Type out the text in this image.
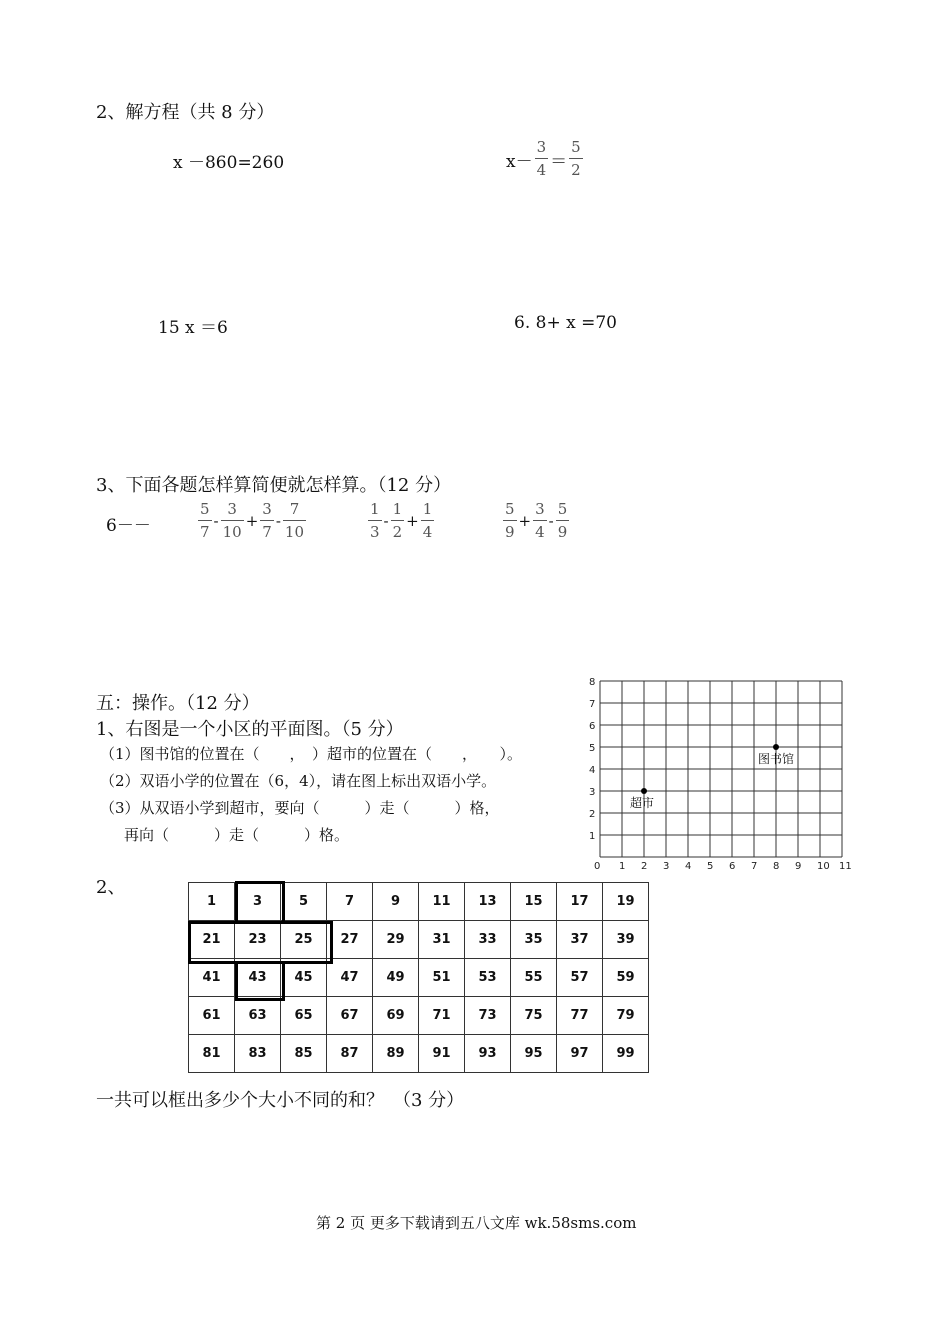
2、解方程（共 8 分）
x －860=260	$x- \frac{3}{4} = \frac{5}{2}$
15 x ＝6	6. 8+ x =70
3、下面各题怎样算简便就怎样算。（12 分）
6－－	$\frac{5}{7} - \frac{3}{10} + \frac{3}{7} - \frac{7}{10}$	$\frac{1}{3} - \frac{1}{2} + \frac{1}{4}$	$\frac{5}{9} + \frac{3}{4} - \frac{5}{9}$
五：操作。（12 分）
1、右图是一个小区的平面图。（5 分）
（1）图书馆的位置在（　　，　）超市的位置在（　　，　　）。
（2）双语小学的位置在（6，4），请在图上标出双语小学。
（3）从双语小学到超市，要向（　　　）走（　　　）格，
再向（　　　）走（　　　）格。
0 1 2 3 4 5 6 7 8 9 10 11
1
2
3
4
5
6
7
8
图书馆
超市
2、
1	3	5	7	9	11	13	15	17	19
21	23	25	27	29	31	33	35	37	39
41	43	45	47	49	51	53	55	57	59
61	63	65	67	69	71	73	75	77	79
81	83	85	87	89	91	93	95	97	99
一共可以框出多少个大小不同的和？　（3 分）
第 2 页 更多下载请到五八文库 wk.58sms.com
